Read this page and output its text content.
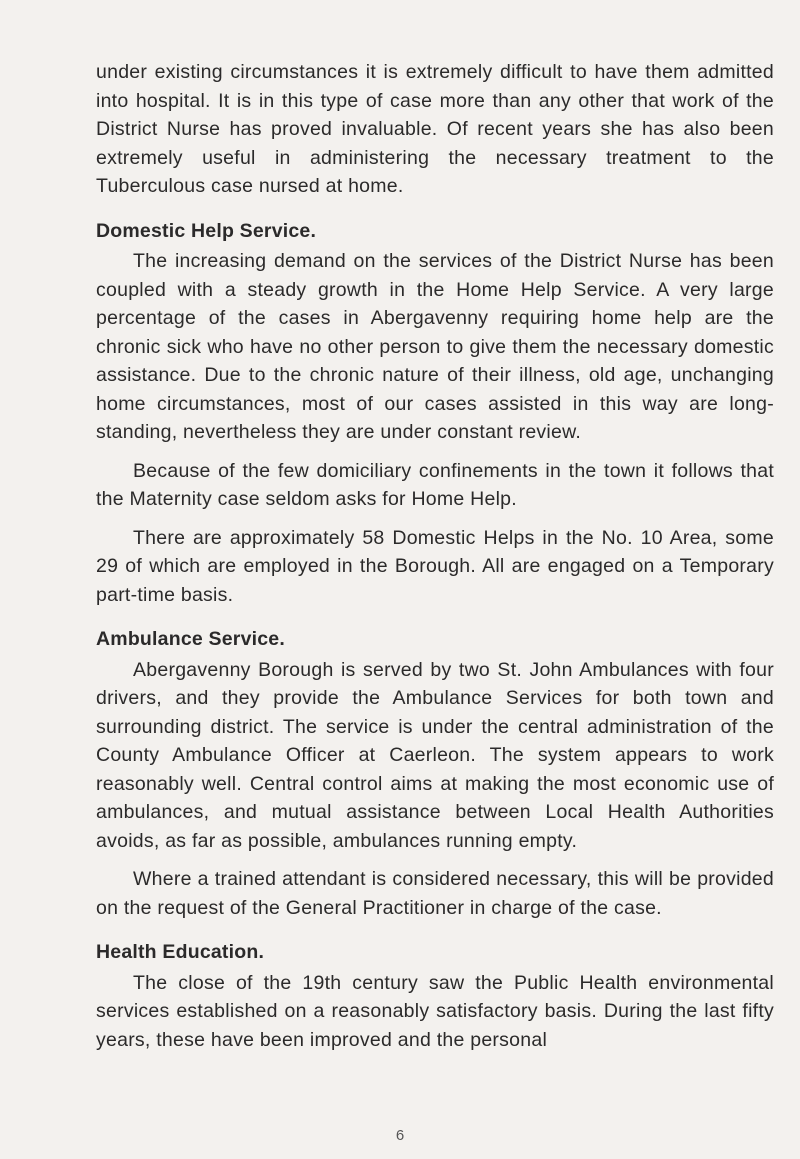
under existing circumstances it is extremely difficult to have them admitted into hospital. It is in this type of case more than any other that work of the District Nurse has proved invaluable. Of recent years she has also been extremely useful in administering the necessary treatment to the Tuberculous case nursed at home.

Domestic Help Service.

The increasing demand on the services of the District Nurse has been coupled with a steady growth in the Home Help Service. A very large percentage of the cases in Abergavenny requiring home help are the chronic sick who have no other person to give them the necessary domestic assistance. Due to the chronic nature of their illness, old age, unchanging home circumstances, most of our cases assisted in this way are long-standing, nevertheless they are under constant review.

Because of the few domiciliary confinements in the town it follows that the Maternity case seldom asks for Home Help.

There are approximately 58 Domestic Helps in the No. 10 Area, some 29 of which are employed in the Borough. All are engaged on a Temporary part-time basis.

Ambulance Service.

Abergavenny Borough is served by two St. John Ambulances with four drivers, and they provide the Ambulance Services for both town and surrounding district. The service is under the central administration of the County Ambulance Officer at Caerleon. The system appears to work reasonably well. Central control aims at making the most economic use of ambulances, and mutual assistance between Local Health Authorities avoids, as far as possible, ambulances running empty.

Where a trained attendant is considered necessary, this will be provided on the request of the General Practitioner in charge of the case.

Health Education.

The close of the 19th century saw the Public Health environmental services established on a reasonably satisfactory basis. During the last fifty years, these have been improved and the personal

6
